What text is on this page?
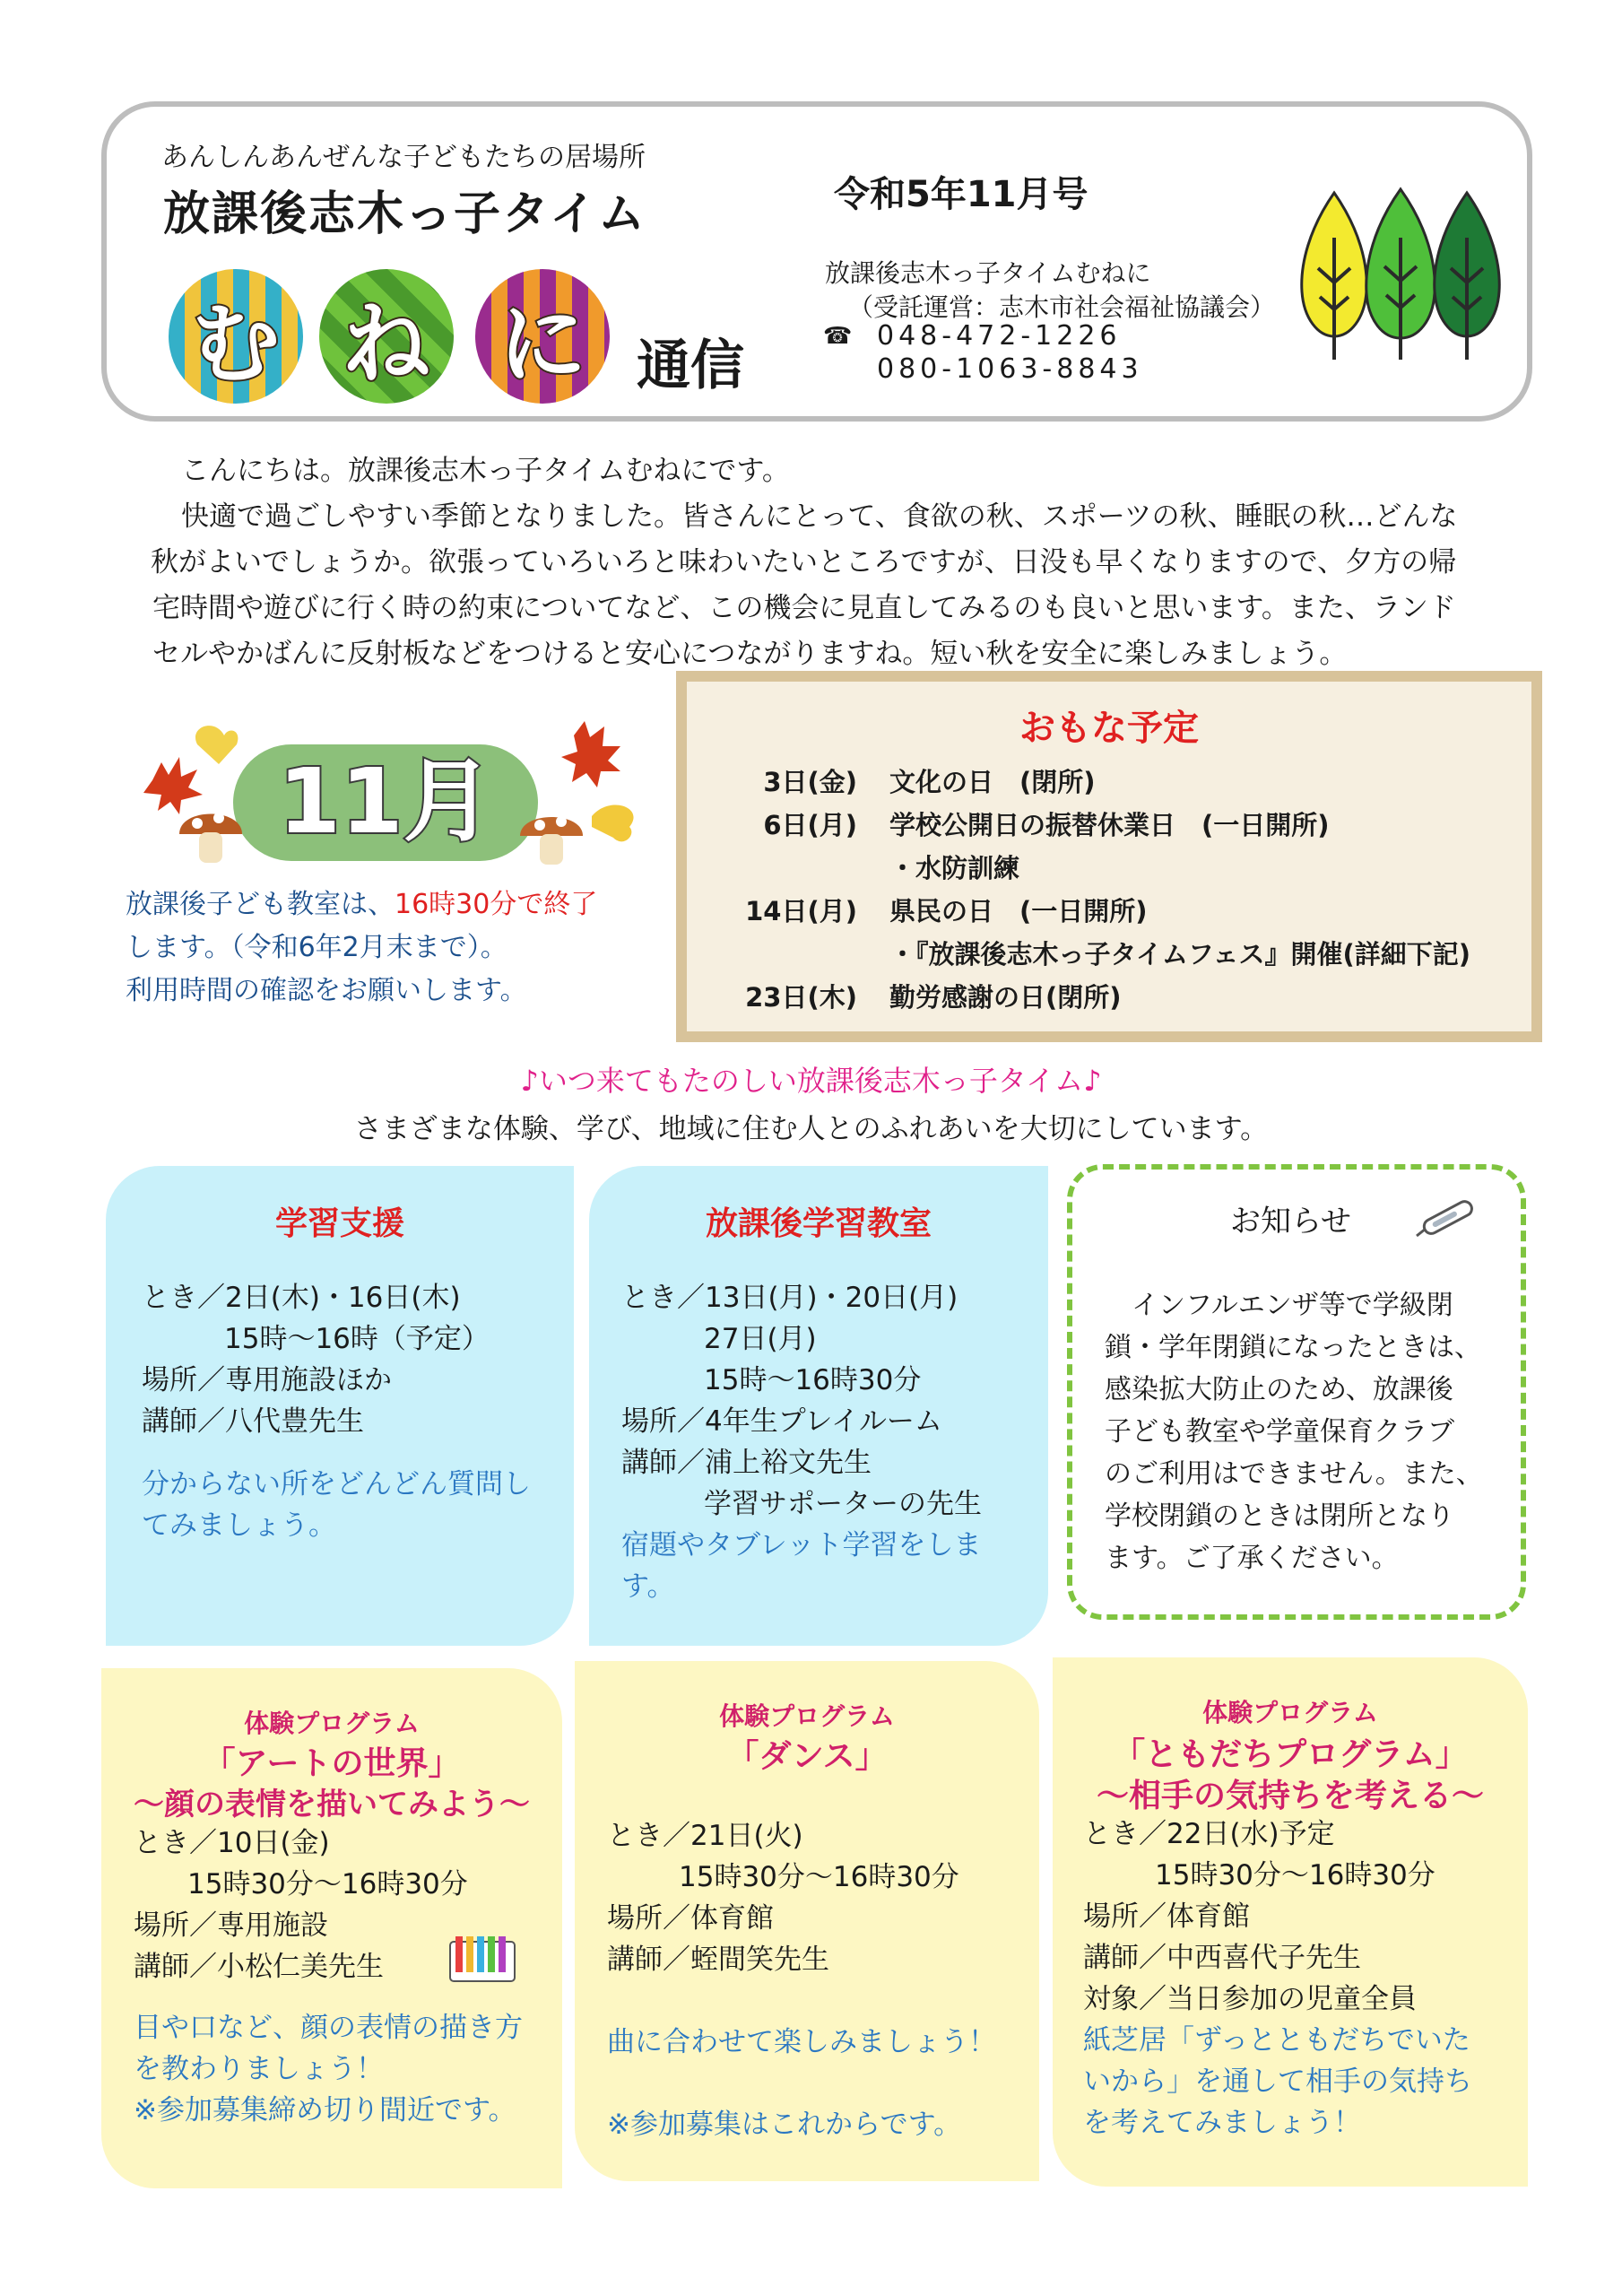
あんしんあんぜんな子どもたちの居場所
放課後志木っ子タイム
む ね に 通信
令和5年11月号
放課後志木っ子タイムむねに
（受託運営：志木市社会福祉協議会）
☎ 048-472-1226
080-1063-8843

こんにちは。放課後志木っ子タイムむねにです。

快適で過ごしやすい季節となりました。皆さんにとって、食欲の秋、スポーツの秋、睡眠の秋…どんな

秋がよいでしょうか。欲張っていろいろと味わいたいところですが、日没も早くなりますので、夕方の帰

宅時間や遊びに行く時の約束についてなど、この機会に見直してみるのも良いと思います。また、ランド

セルやかばんに反射板などをつけると安心につながりますね。短い秋を安全に楽しみましょう。

11月
放課後子ども教室は、16時30分で終了
します。（令和6年2月末まで）。
利用時間の確認をお願いします。
おもな予定
3日(金) 文化の日　(閉所)
6日(月) 学校公開日の振替休業日　(一日開所)
・水防訓練
14日(月) 県民の日　(一日開所)
・『放課後志木っ子タイムフェス』開催(詳細下記)
23日(木) 勤労感謝の日(閉所)
♪いつ来てもたのしい放課後志木っ子タイム♪
さまざまな体験、学び、地域に住む人とのふれあいを大切にしています。
学習支援
とき／2日(木)・16日(木)
15時～16時（予定）
場所／専用施設ほか
講師／八代豊先生
分からない所をどんどん質問し
てみましょう。
放課後学習教室
とき／13日(月)・20日(月)
27日(月)
15時～16時30分
場所／4年生プレイルーム
講師／浦上裕文先生
学習サポーターの先生
宿題やタブレット学習をしま
す。
お知らせ
　インフルエンザ等で学級閉
鎖・学年閉鎖になったときは、
感染拡大防止のため、放課後
子ども教室や学童保育クラブ
のご利用はできません。また、
学校閉鎖のときは閉所となり
ます。ご了承ください。
体験プログラム
「アートの世界」
～顔の表情を描いてみよう～
とき／10日(金)
15時30分～16時30分
場所／専用施設
講師／小松仁美先生
目や口など、顔の表情の描き方
を教わりましょう！
※参加募集締め切り間近です。
体験プログラム
「ダンス」
とき／21日(火)
15時30分～16時30分
場所／体育館
講師／蛭間笑先生
曲に合わせて楽しみましょう！
※参加募集はこれからです。
体験プログラム
「ともだちプログラム」
～相手の気持ちを考える～
とき／22日(水)予定
15時30分～16時30分
場所／体育館
講師／中西喜代子先生
対象／当日参加の児童全員
紙芝居「ずっとともだちでいた
いから」を通して相手の気持ち
を考えてみましょう！
